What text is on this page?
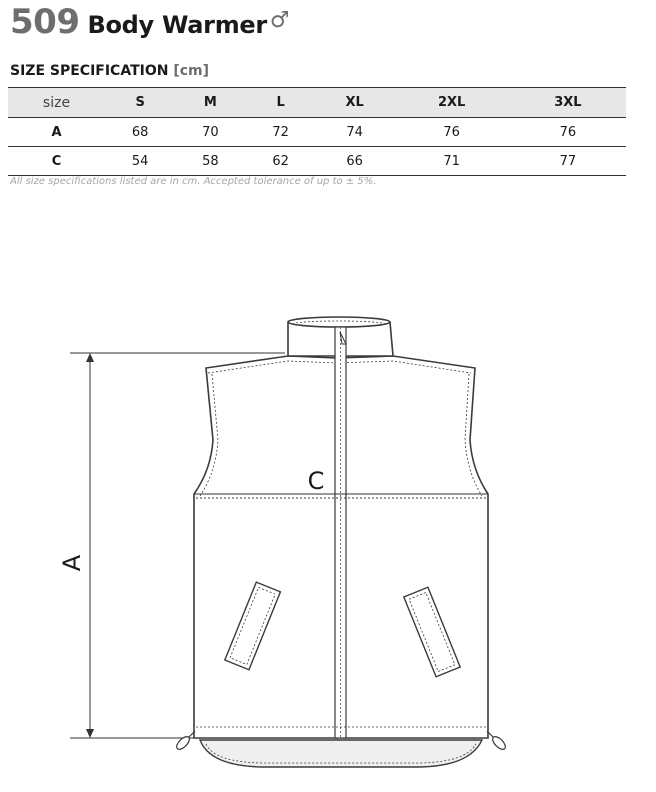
509 Body Warmer ♂
SIZE SPECIFICATION [cm]
size	S	M	L	XL	2XL	3XL
A	68	70	72	74	76	76
C	54	58	62	66	71	77
All size specifications listed are in cm. Accepted tolerance of up to ± 5%.
A
C
